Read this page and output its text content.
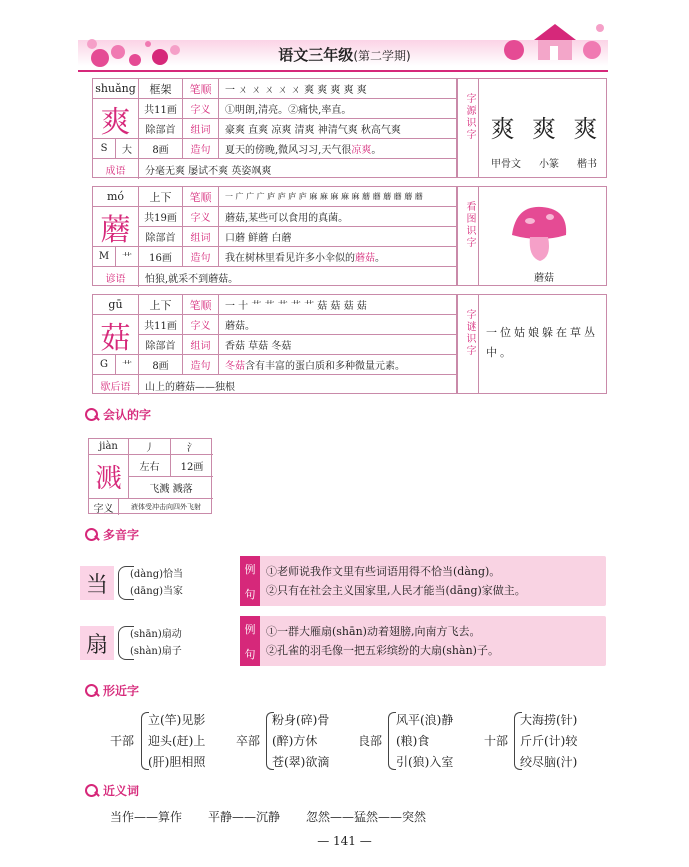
语文三年级(第二学期)
shuǎng	框架	笔顺	一 ㄨ ㄨ ㄨ ㄨ ㄨ 爽 爽 爽 爽 爽
爽	共11画	字义	①明朗,清亮。②痛快,率直。
除部首	组词	豪爽 直爽 凉爽 清爽 神清气爽 秋高气爽
S	大	8画	造句	夏天的傍晚,微风习习,天气很 凉爽 。
成语	分毫无爽 屡试不爽 英姿飒爽
字源识字 爽 爽 爽
甲骨文 小篆 楷书
mó	上下	笔顺	一 广 广 广 庐 庐 庐 庐 麻 麻 麻 麻 麻 蘑 蘑 蘑 蘑 蘑 蘑
蘑	共19画	字义	蘑菇,某些可以食用的真菌。
除部首	组词	口蘑 鲜蘑 白蘑
M	艹	16画	造句	我在树林里看见许多小伞似的 蘑菇 。
谚语	怕狼,就采不到蘑菇。
看图识字
蘑菇
gū	上下	笔顺	一 十 艹 艹 艹 艹 艹 菇 菇 菇 菇
菇	共11画	字义	蘑菇。
除部首	组词	香菇 草菇 冬菇
G	艹	8画	造句	冬菇 含有丰富的蛋白质和多种微量元素。
歇后语	山上的蘑菇——独根
字谜识字 一位姑娘躲在草丛中。
会认的字
jiàn	丿	氵
溅	左右	12画
飞溅 溅落
字义	液体受冲击向四外飞射
多音字
当	(dàng)恰当
(dāng)当家
例
句
①老师说我作文里有些词语用得不恰当(dàng)。
②只有在社会主义国家里,人民才能当(dāng)家做主。
扇	(shān)扇动
(shàn)扇子
例
句
①一群大雁扇(shān)动着翅膀,向南方飞去。
②孔雀的羽毛像一把五彩缤纷的大扇(shàn)子。
形近字
干部
立(竿)见影
迎头(赶)上
(肝)胆相照
卒部
粉身(碎)骨
(醉)方休
苍(翠)欲滴
良部
风平(浪)静
(粮)食
引(狼)入室
十部
大海捞(针)
斤斤(计)较
绞尽脑(汁)
近义词
当作——算作 平静——沉静 忽然——猛然——突然
— 141 —
